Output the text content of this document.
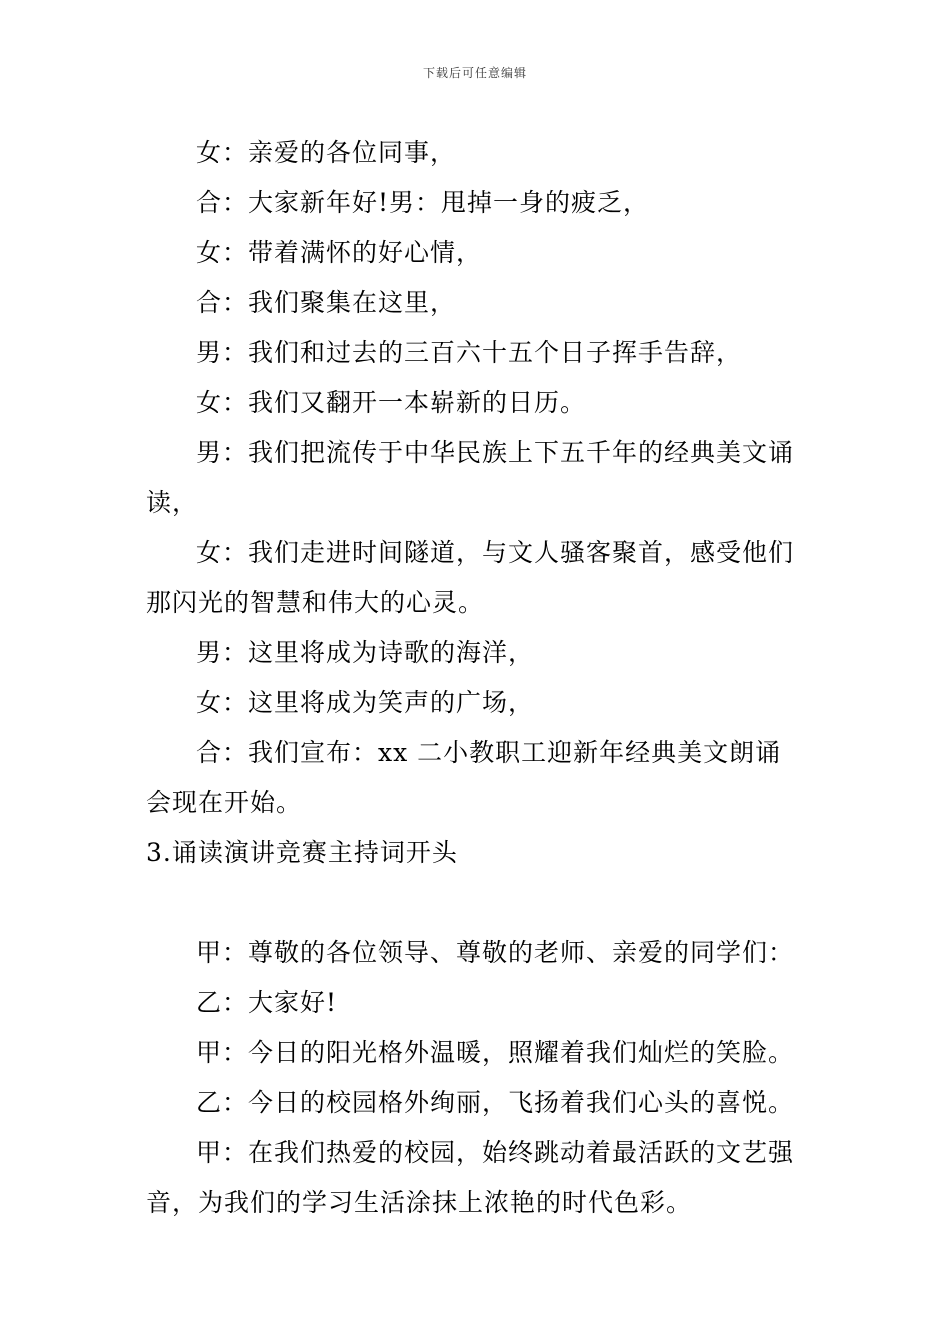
下载后可任意编辑

女：亲爱的各位同事，

合：大家新年好!男：甩掉一身的疲乏，

女：带着满怀的好心情，

合：我们聚集在这里，

男：我们和过去的三百六十五个日子挥手告辞，

女：我们又翻开一本崭新的日历。

男：我们把流传于中华民族上下五千年的经典美文诵读，

女：我们走进时间隧道，与文人骚客聚首，感受他们那闪光的智慧和伟大的心灵。

男：这里将成为诗歌的海洋，

女：这里将成为笑声的广场，

合：我们宣布：xx 二小教职工迎新年经典美文朗诵会现在开始。

3.诵读演讲竞赛主持词开头

甲：尊敬的各位领导、尊敬的老师、亲爱的同学们：

乙：大家好!

甲：今日的阳光格外温暖，照耀着我们灿烂的笑脸。

乙：今日的校园格外绚丽，飞扬着我们心头的喜悦。

甲：在我们热爱的校园，始终跳动着最活跃的文艺强音，为我们的学习生活涂抹上浓艳的时代色彩。
